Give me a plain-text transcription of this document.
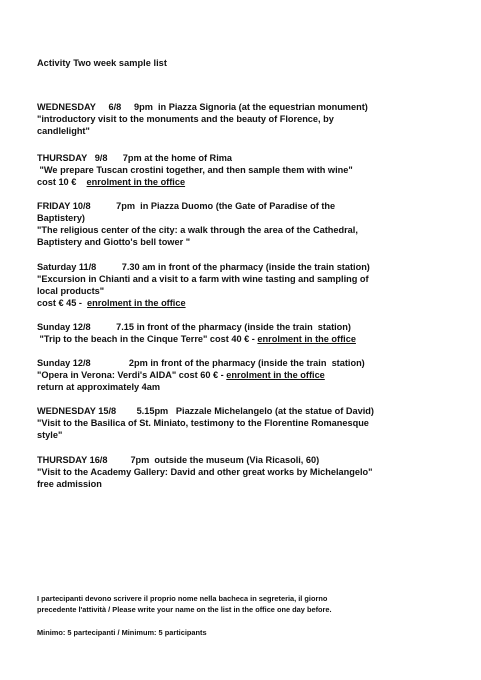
Activity Two week sample list
WEDNESDAY     6/8     9pm  in Piazza Signoria (at the equestrian monument)
"introductory visit to the monuments and the beauty of Florence, by
candlelight"
THURSDAY   9/8      7pm at the home of Rima
"We prepare Tuscan crostini together, and then sample them with wine"
cost 10 €    enrolment in the office
FRIDAY 10/8          7pm  in Piazza Duomo (the Gate of Paradise of the
Baptistery)
"The religious center of the city: a walk through the area of the Cathedral,
Baptistery and Giotto's bell tower "
Saturday 11/8          7.30 am in front of the pharmacy (inside the train station)
"Excursion in Chianti and a visit to a farm with wine tasting and sampling of
local products"
cost € 45 -  enrolment in the office
Sunday 12/8          7.15 in front of the pharmacy (inside the train  station)
"Trip to the beach in the Cinque Terre" cost 40 € - enrolment in the office
Sunday 12/8               2pm in front of the pharmacy (inside the train  station)
"Opera in Verona: Verdi's AIDA" cost 60 € - enrolment in the office
return at approximately 4am
WEDNESDAY 15/8        5.15pm   Piazzale Michelangelo (at the statue of David)
"Visit to the Basilica of St. Miniato, testimony to the Florentine Romanesque
style"
THURSDAY 16/8         7pm  outside the museum (Via Ricasoli, 60)
"Visit to the Academy Gallery: David and other great works by Michelangelo"
free admission
I partecipanti devono scrivere il proprio nome nella bacheca in segreteria, il giorno
precedente l'attività / Please write your name on the list in the office one day before.
Minimo: 5 partecipanti / Minimum: 5 participants
